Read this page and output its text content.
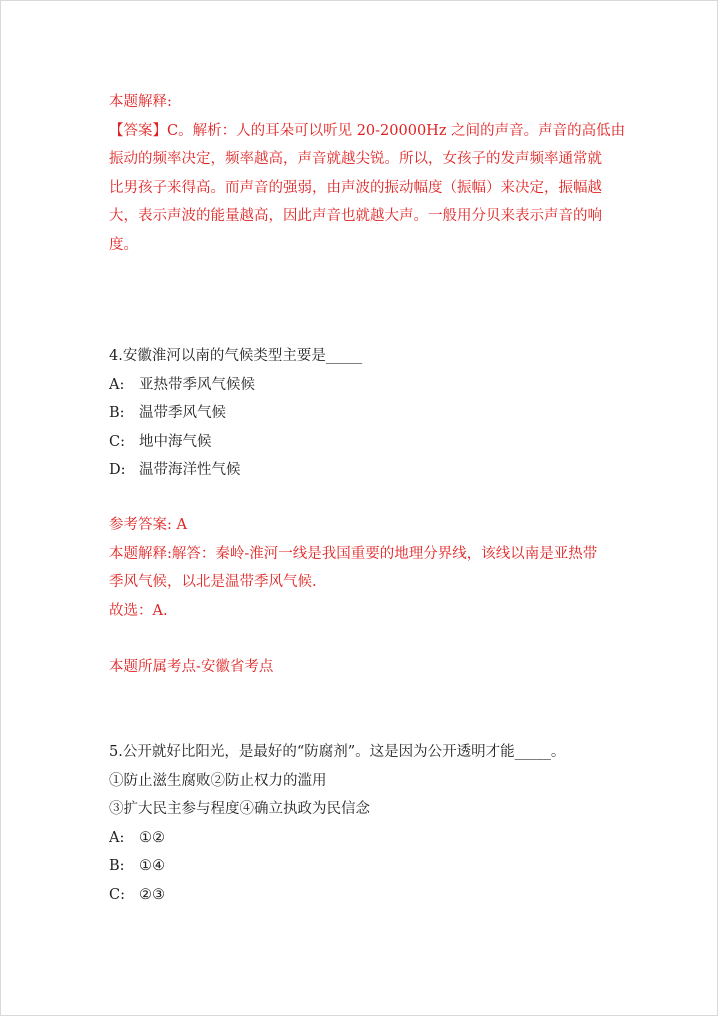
本题解释:
【答案】C。解析：人的耳朵可以听见 20-20000Hz 之间的声音。声音的高低由
振动的频率决定，频率越高，声音就越尖锐。所以，女孩子的发声频率通常就
比男孩子来得高。而声音的强弱，由声波的振动幅度（振幅）来决定，振幅越
大，表示声波的能量越高，因此声音也就越大声。一般用分贝来表示声音的响
度。
4.安徽淮河以南的气候类型主要是_____
A: 亚热带季风气候候
B: 温带季风气候
C: 地中海气候
D: 温带海洋性气候
参考答案: A
本题解释:解答：秦岭-淮河一线是我国重要的地理分界线，该线以南是亚热带
季风气候，以北是温带季风气候.
故选：A.
本题所属考点-安徽省考点
5.公开就好比阳光，是最好的“防腐剂”。这是因为公开透明才能_____。
①防止滋生腐败②防止权力的滥用
③扩大民主参与程度④确立执政为民信念
A: ①②
B: ①④
C: ②③
